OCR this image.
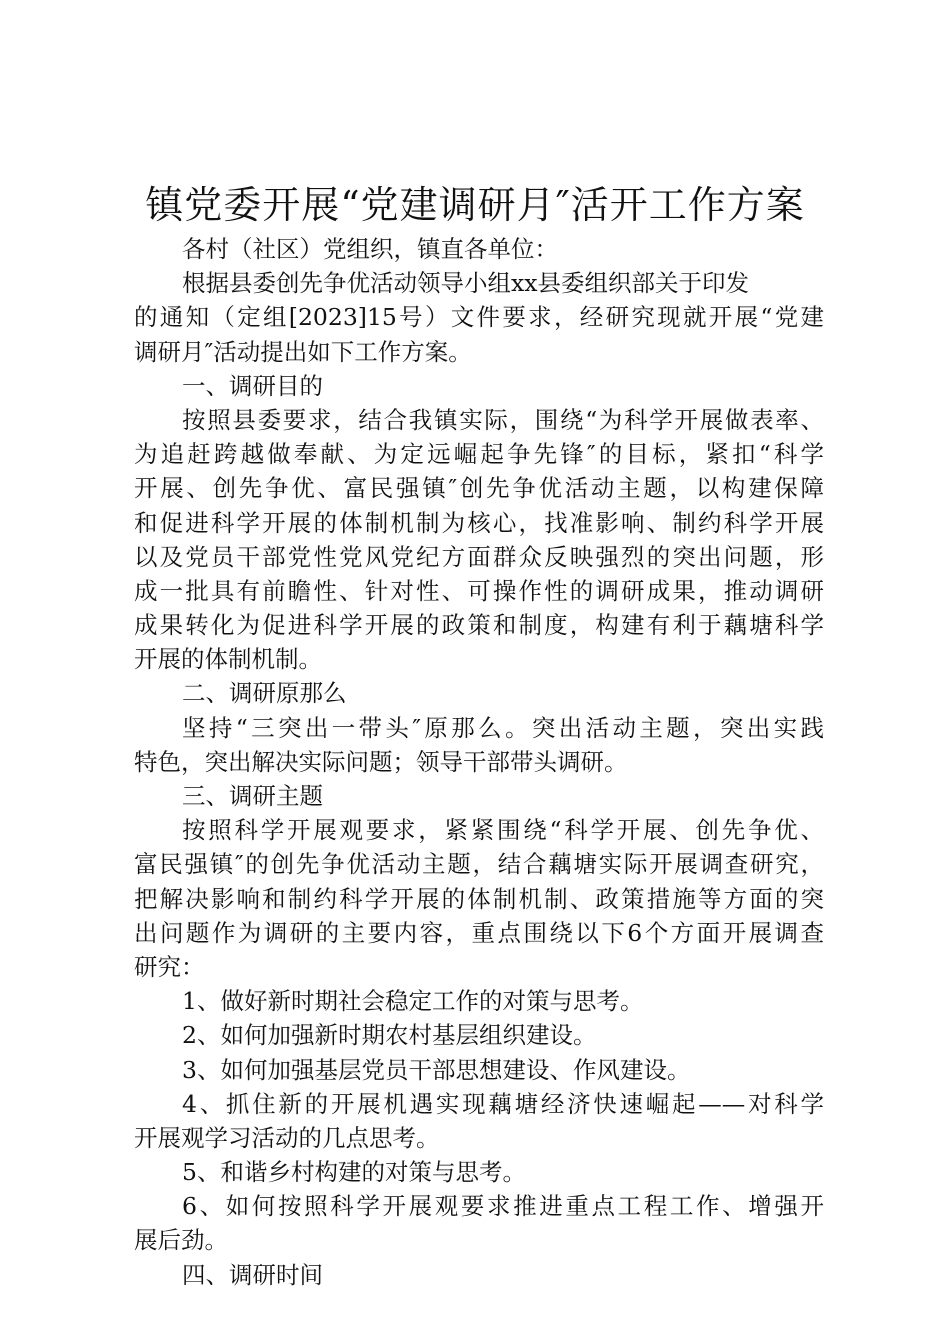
镇党委开展“党建调研月″活开工作方案
各村（社区）党组织，镇直各单位：
根据县委创先争优活动领导小组xx县委组织部关于印发
的通知（定组[2023]15号）文件要求，经研究现就开展“党建
调研月″活动提出如下工作方案。
一、调研目的
按照县委要求，结合我镇实际，围绕“为科学开展做表率、
为追赶跨越做奉献、为定远崛起争先锋″的目标，紧扣“科学
开展、创先争优、富民强镇″创先争优活动主题，以构建保障
和促进科学开展的体制机制为核心，找准影响、制约科学开展
以及党员干部党性党风党纪方面群众反映强烈的突出问题，形
成一批具有前瞻性、针对性、可操作性的调研成果，推动调研
成果转化为促进科学开展的政策和制度，构建有利于藕塘科学
开展的体制机制。
二、调研原那么
坚持“三突出一带头″原那么。突出活动主题，突出实践
特色，突出解决实际问题；领导干部带头调研。
三、调研主题
按照科学开展观要求，紧紧围绕“科学开展、创先争优、
富民强镇″的创先争优活动主题，结合藕塘实际开展调查研究，
把解决影响和制约科学开展的体制机制、政策措施等方面的突
出问题作为调研的主要内容，重点围绕以下6个方面开展调查
研究：
1、做好新时期社会稳定工作的对策与思考。
2、如何加强新时期农村基层组织建设。
3、如何加强基层党员干部思想建设、作风建设。
4、抓住新的开展机遇实现藕塘经济快速崛起——对科学
开展观学习活动的几点思考。
5、和谐乡村构建的对策与思考。
6、如何按照科学开展观要求推进重点工程工作、增强开
展后劲。
四、调研时间
